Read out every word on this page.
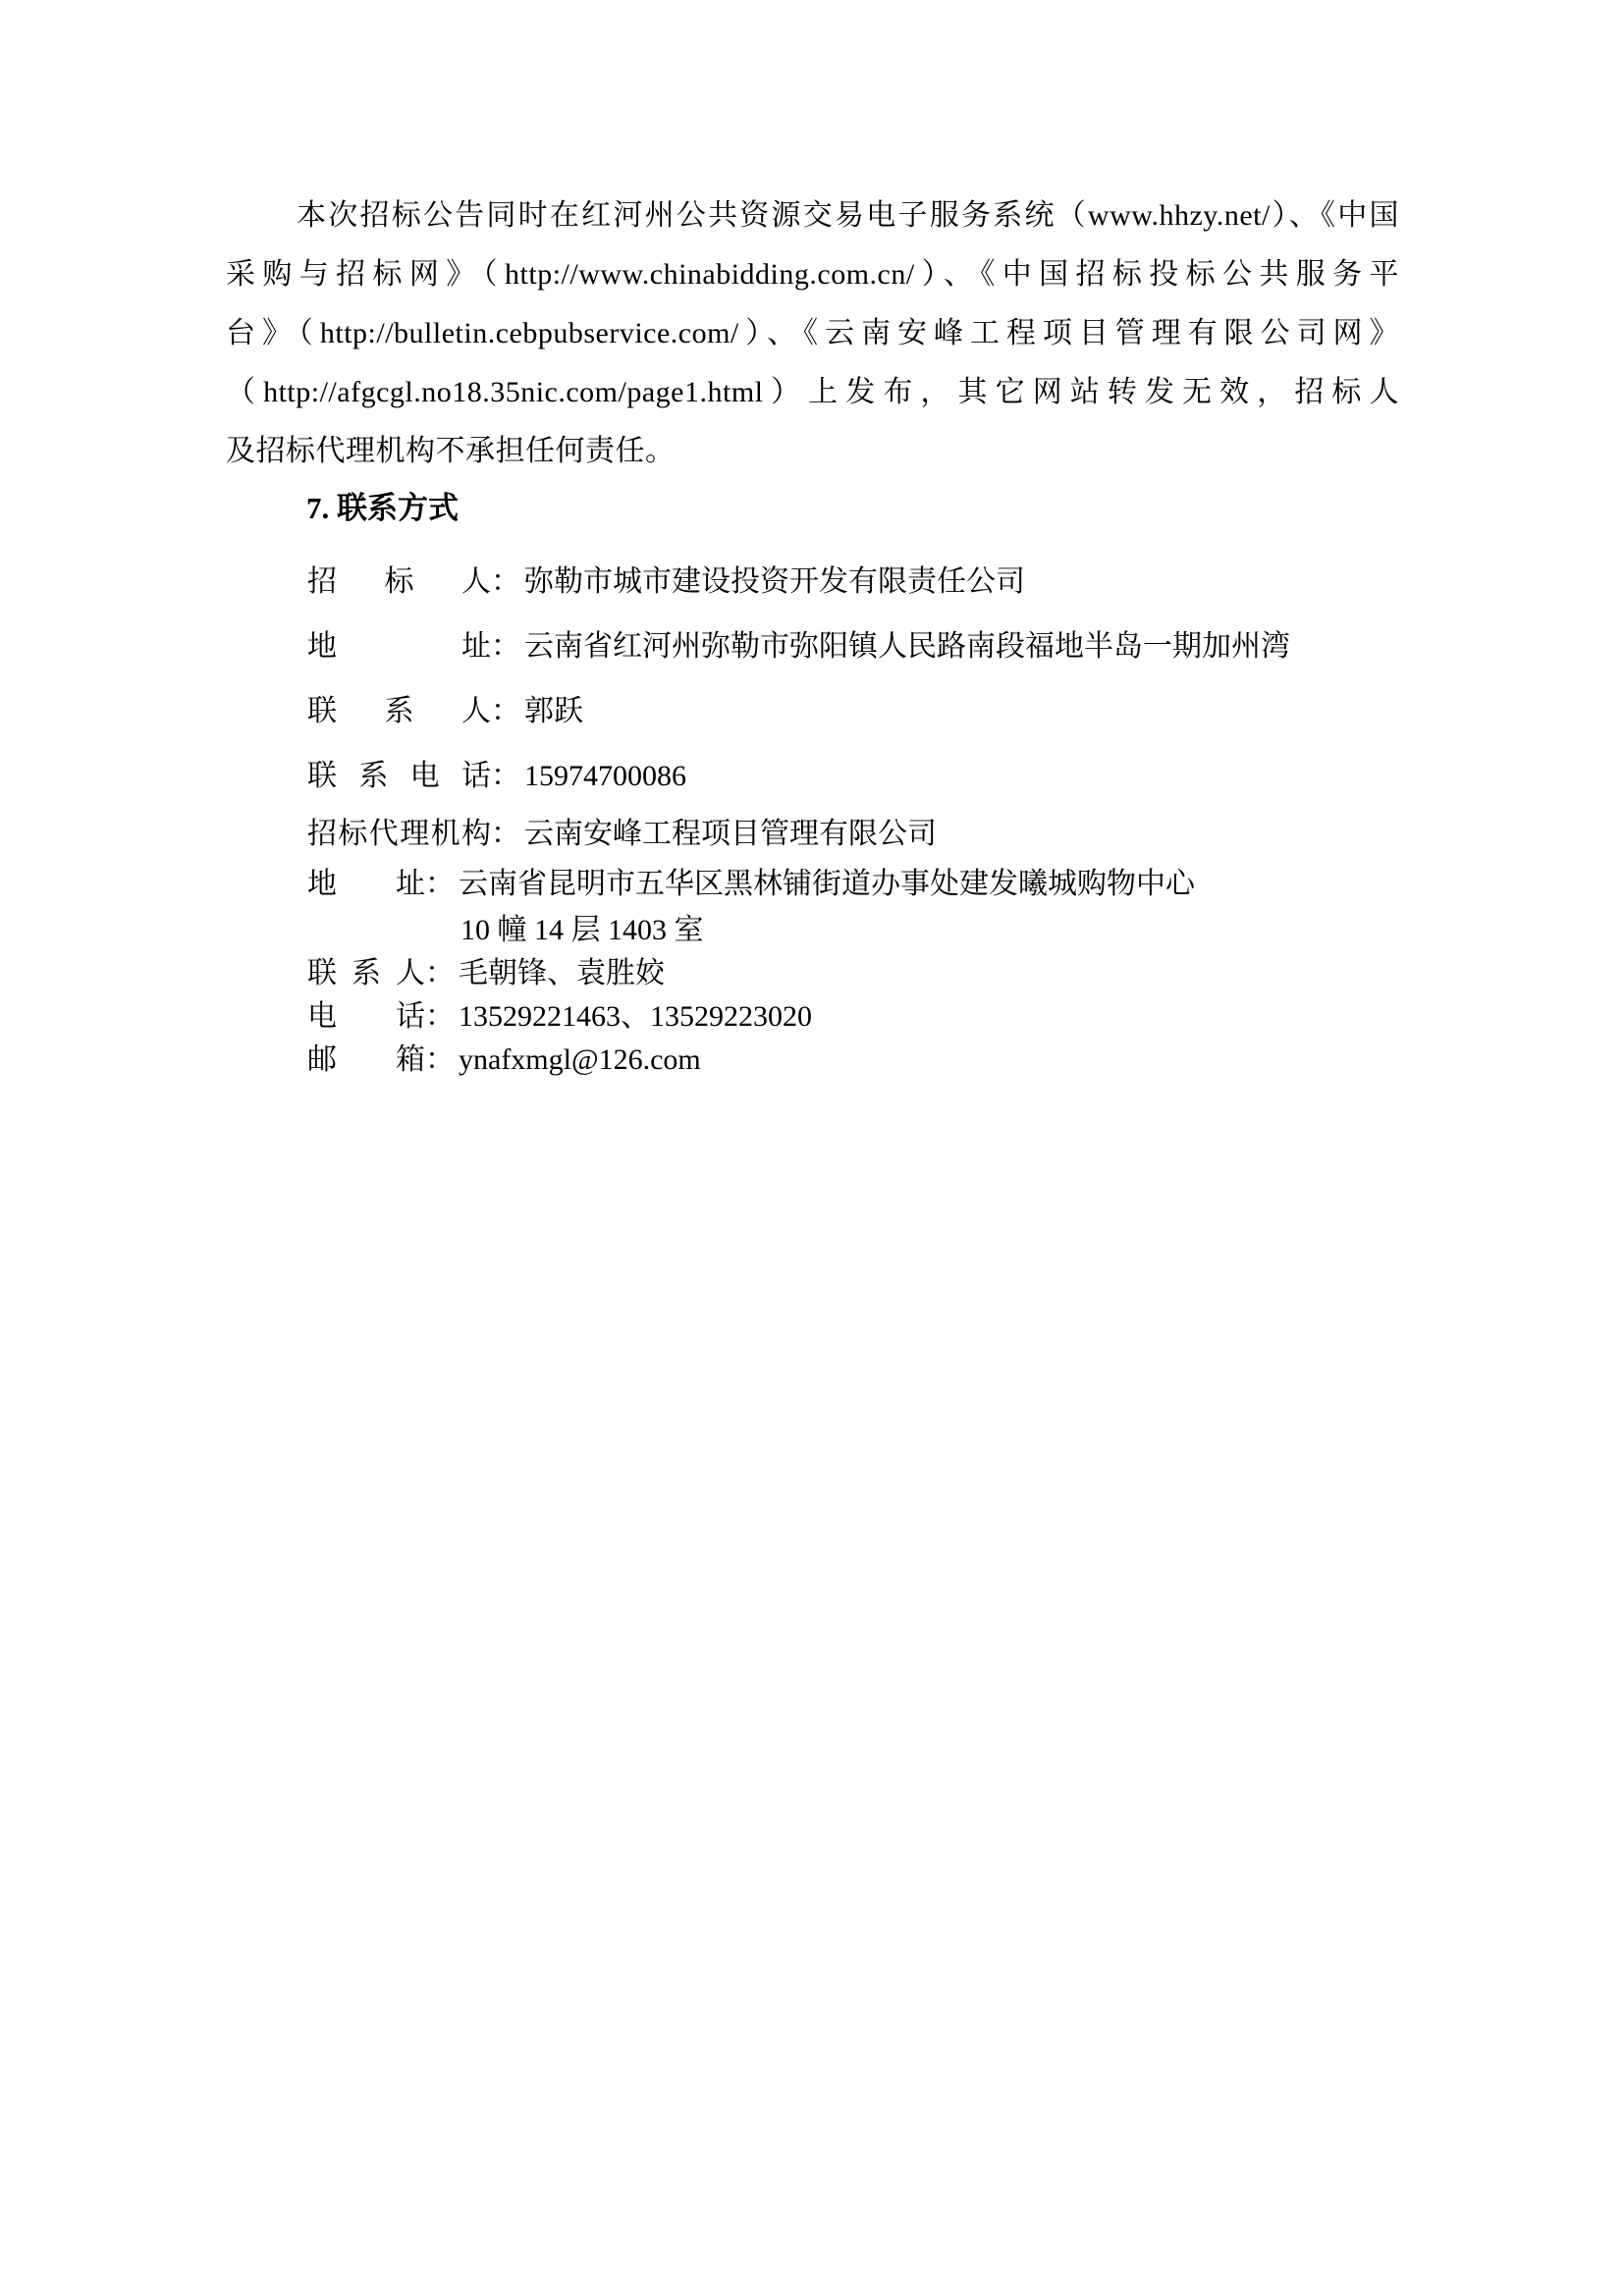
本次招标公告同时在红河州公共资源交易电子服务系统（www.hhzy.net/）、《中国
采购与招标网》（http://www.chinabidding.com.cn/）、《中国招标投标公共服务平
台》（http://bulletin.cebpubservice.com/）、《云南安峰工程项目管理有限公司网》
（http://afgcgl.no18.35nic.com/page1.html）上发布，其它网站转发无效，招标人
及招标代理机构不承担任何责任。
7. 联系方式
招标人： 弥勒市城市建设投资开发有限责任公司
地址： 云南省红河州弥勒市弥阳镇人民路南段福地半岛一期加州湾
联系人： 郭跃
联系电话： 15974700086
招标代理机构： 云南安峰工程项目管理有限公司
地址： 云南省昆明市五华区黑林铺街道办事处建发曦城购物中心
10 幢 14 层 1403 室
联系人： 毛朝锋、袁胜姣
电话： 13529221463、13529223020
邮箱： ynafxmgl@126.com
